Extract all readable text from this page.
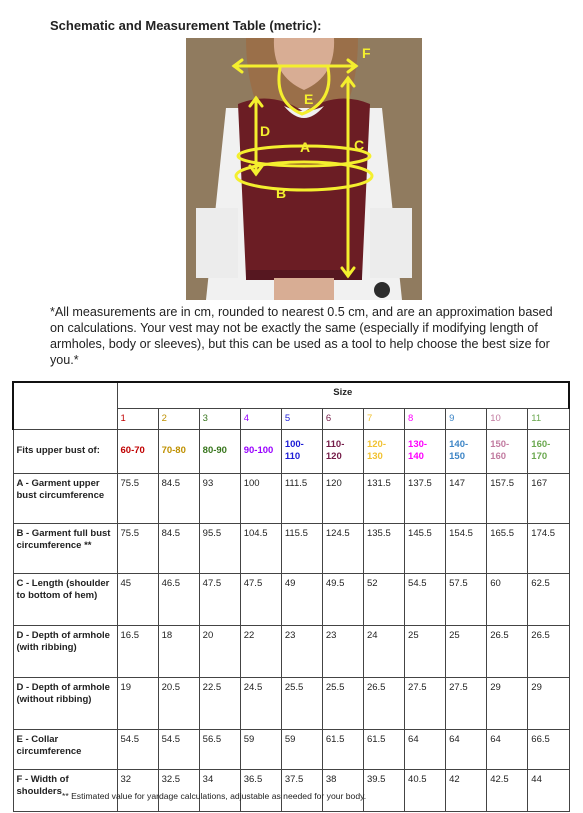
Schematic and Measurement Table (metric):
F
E
D
A	C
B
*All measurements are in cm, rounded to nearest 0.5 cm, and are an approximation based on calculations. Your vest may not be exactly the same (especially if modifying length of armholes, body or sleeves), but this can be used as a tool to help choose the best size for you.*
	Size										
	1	2	3	4	5	6	7	8	9	10	11
Fits upper bust of:	60-70	70-80	80-90	90-100	100-110	110-120	120-130	130-140	140-150	150-160	160-170
A - Garment upper bust circumference	75.5	84.5	93	100	111.5	120	131.5	137.5	147	157.5	167
B - Garment full bust circumference **	75.5	84.5	95.5	104.5	115.5	124.5	135.5	145.5	154.5	165.5	174.5
C - Length (shoulder to bottom of hem)	45	46.5	47.5	47.5	49	49.5	52	54.5	57.5	60	62.5
D - Depth of armhole (with ribbing)	16.5	18	20	22	23	23	24	25	25	26.5	26.5
D - Depth of armhole (without ribbing)	19	20.5	22.5	24.5	25.5	25.5	26.5	27.5	27.5	29	29
E - Collar circumference	54.5	54.5	56.5	59	59	61.5	61.5	64	64	64	66.5
F - Width of shoulders	32	32.5	34	36.5	37.5	38	39.5	40.5	42	42.5	44
** Estimated value for yardage calculations, adjustable as needed for your body.
